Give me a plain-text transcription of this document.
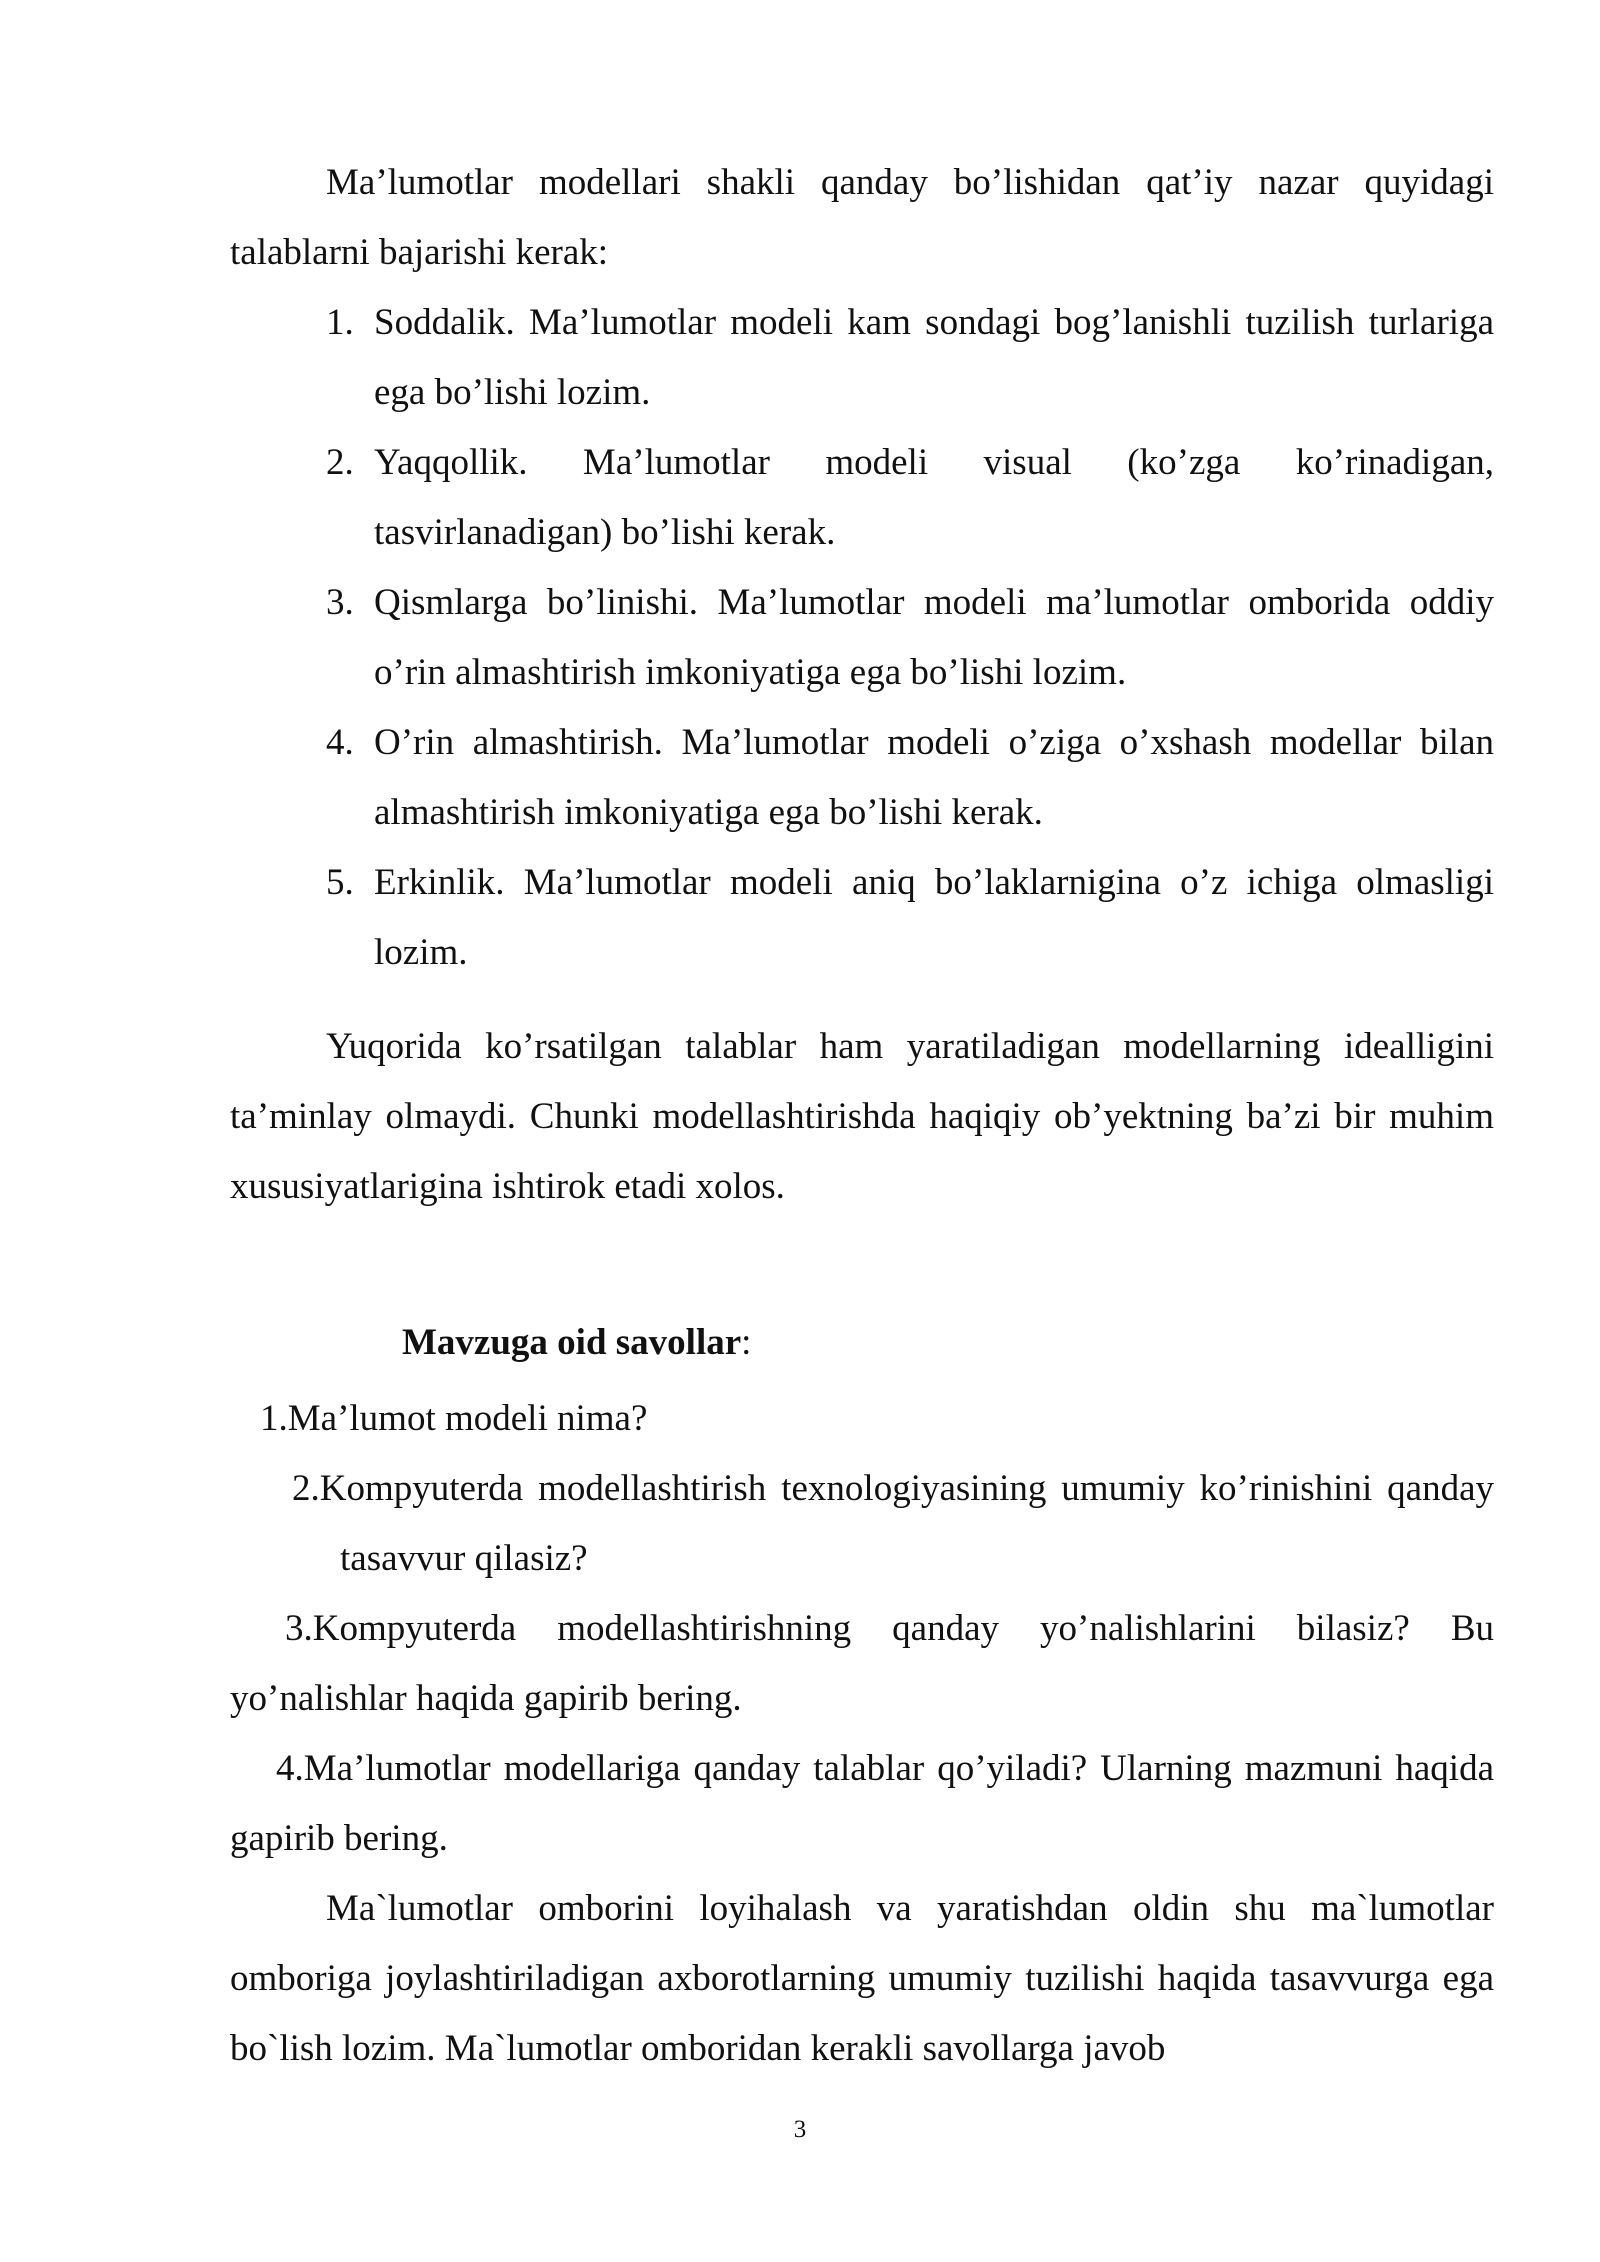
Ma’lumotlar modellari shakli qanday bo’lishidan qat’iy nazar quyidagi talablarni bajarishi kerak:

1. Soddalik. Ma’lumotlar modeli kam sondagi bog’lanishli tuzilish turlariga ega bo’lishi lozim.
2. Yaqqollik. Ma’lumotlar modeli visual (ko’zga ko’rinadigan, tasvirlanadigan) bo’lishi kerak.
3. Qismlarga bo’linishi. Ma’lumotlar modeli ma’lumotlar omborida oddiy o’rin almashtirish imkoniyatiga ega bo’lishi lozim.
4. O’rin almashtirish. Ma’lumotlar modeli o’ziga o’xshash modellar bilan almashtirish imkoniyatiga ega bo’lishi kerak.
5. Erkinlik. Ma’lumotlar modeli aniq bo’laklarnigina o’z ichiga olmasligi lozim.

Yuqorida ko’rsatilgan talablar ham yaratiladigan modellarning idealligini ta’minlay olmaydi. Chunki modellashtirishda haqiqiy ob’yektning ba’zi bir muhim xususiyatlarigina ishtirok etadi xolos.

Mavzuga oid savollar:

1.Ma’lumot modeli nima?

2.Kompyuterda modellashtirish texnologiyasining umumiy ko’rinishini qandaytasavvur qilasiz?

3.Kompyuterda modellashtirishning qanday yo’nalishlarini bilasiz? Bu yo’nalishlar haqida gapirib bering.

4.Ma’lumotlar modellariga qanday talablar qo’yiladi? Ularning mazmuni haqida gapirib bering.

Ma`lumotlar omborini loyihalash va yaratishdan oldin shu ma`lumotlar omboriga joylashtiriladigan axborotlarning umumiy tuzilishi haqida tasavvurga ega bo`lish lozim. Ma`lumotlar omboridan kerakli savollarga javob

3
